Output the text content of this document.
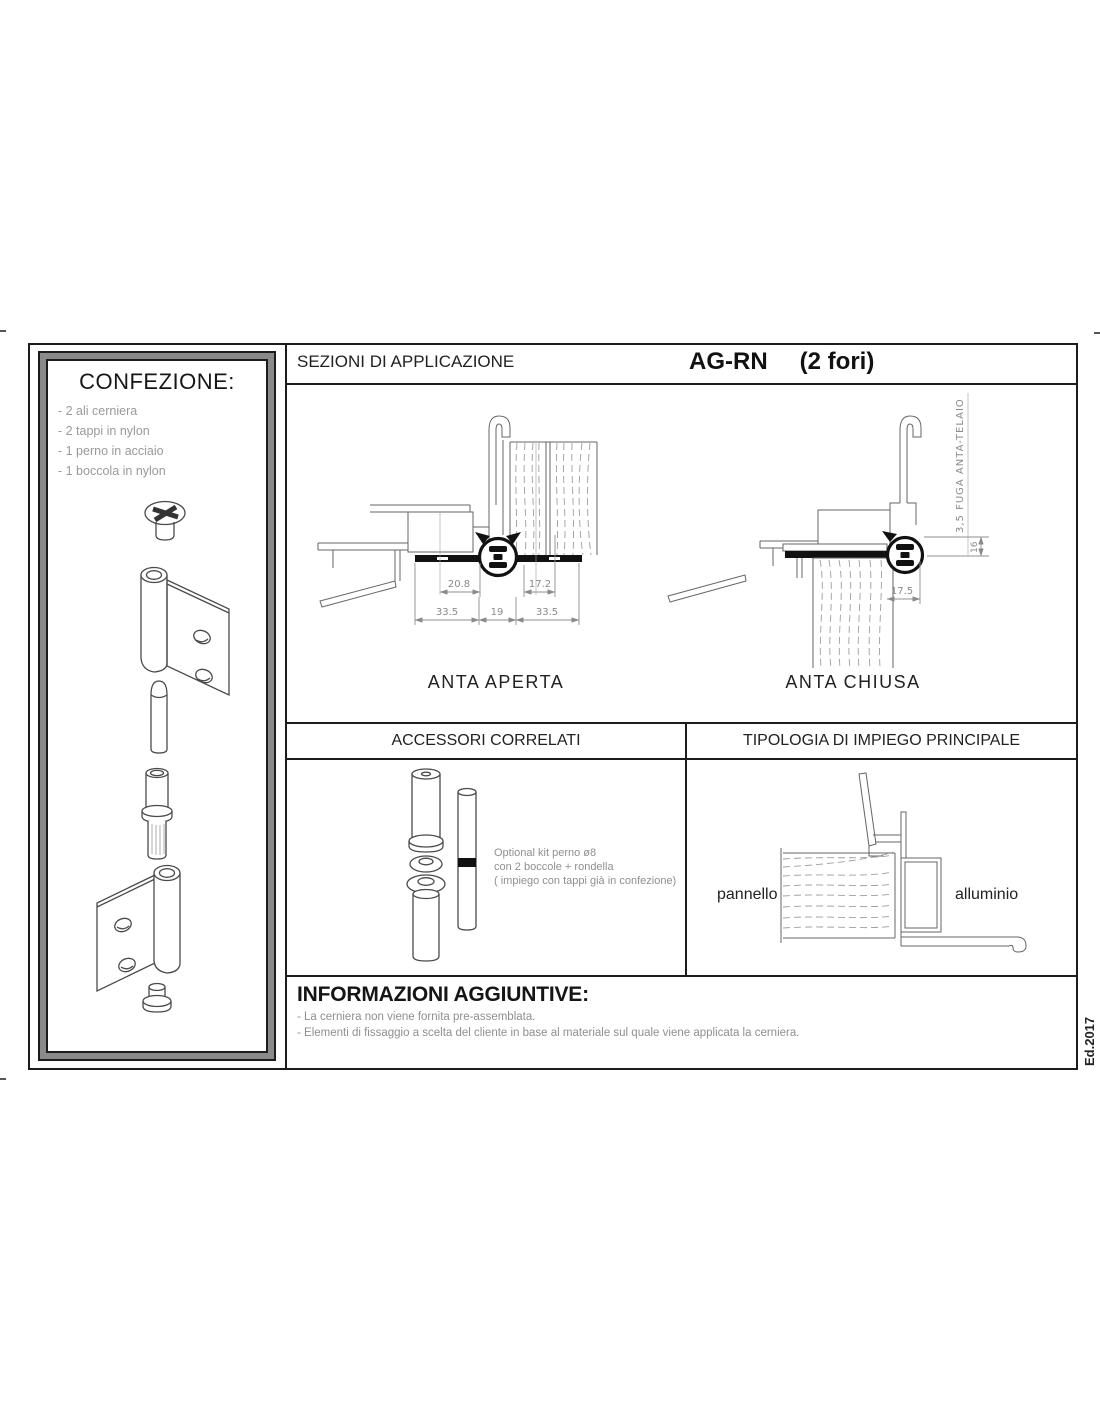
CONFEZIONE:
- 2 ali cerniera
- 2 tappi in nylon
- 1 perno in acciaio
- 1 boccola in nylon
SEZIONI DI APPLICAZIONE	AG-RN (2 fori)
20.8	17.2
33.5	19	33.5
ANTA APERTA
3,5 FUGA ANTA-TELAIO
16
17.5
ANTA CHIUSA
ACCESSORI CORRELATI
Optional kit perno ø8
con 2 boccole + rondella
( impiego con tappi già in confezione)
TIPOLOGIA DI IMPIEGO PRINCIPALE
pannello	alluminio
INFORMAZIONI AGGIUNTIVE:
- La cerniera non viene fornita pre-assemblata.
- Elementi di fissaggio a scelta del cliente in base al materiale sul quale viene applicata la cerniera.	Ed.2017
